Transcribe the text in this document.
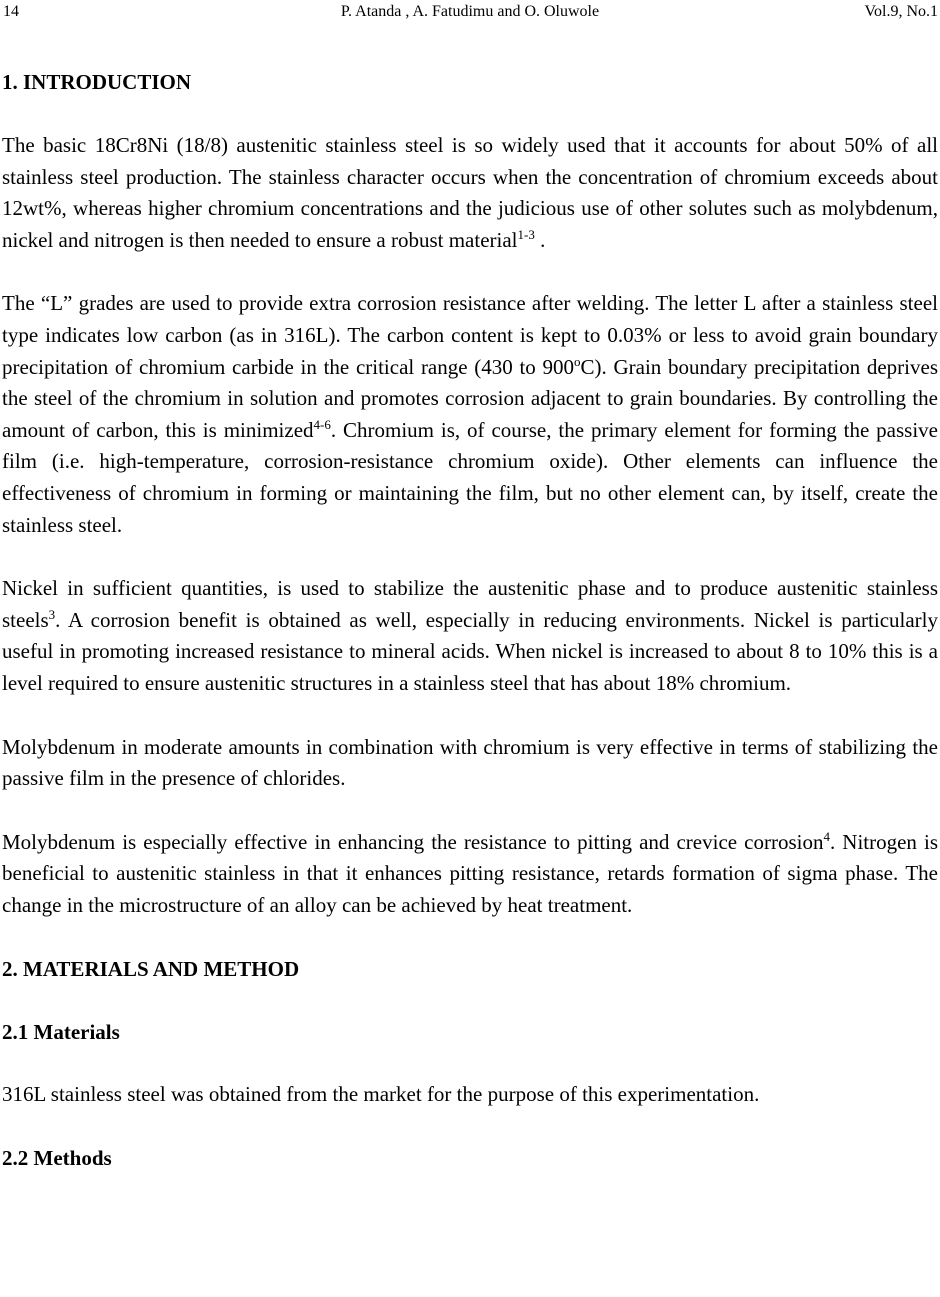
P. Atanda , A. Fatudimu and O. Oluwole
14	Vol.9, No.1
1. INTRODUCTION

The basic 18Cr8Ni (18/8) austenitic stainless steel is so widely used that it accounts for about 50% of all stainless steel production. The stainless character occurs when the concentration of chromium exceeds about 12wt%, whereas higher chromium concentrations and the judicious use of other solutes such as molybdenum, nickel and nitrogen is then needed to ensure a robust material$^{1-3}$ .

The “L” grades are used to provide extra corrosion resistance after welding. The letter L after a stainless steel type indicates low carbon (as in 316L). The carbon content is kept to 0.03% or less to avoid grain boundary precipitation of chromium carbide in the critical range (430 to 900$^o$C). Grain boundary precipitation deprives the steel of the chromium in solution and promotes corrosion adjacent to grain boundaries. By controlling the amount of carbon, this is minimized$^{4-6}$. Chromium is, of course, the primary element for forming the passive film (i.e. high-temperature, corrosion-resistance chromium oxide). Other elements can influence the effectiveness of chromium in forming or maintaining the film, but no other element can, by itself, create the stainless steel.

Nickel in sufficient quantities, is used to stabilize the austenitic phase and to produce austenitic stainless steels$^3$. A corrosion benefit is obtained as well, especially in reducing environments. Nickel is particularly useful in promoting increased resistance to mineral acids. When nickel is increased to about 8 to 10% this is a level required to ensure austenitic structures in a stainless steel that has about 18% chromium.

Molybdenum in moderate amounts in combination with chromium is very effective in terms of stabilizing the passive film in the presence of chlorides.

Molybdenum is especially effective in enhancing the resistance to pitting and crevice corrosion$^4$. Nitrogen is beneficial to austenitic stainless in that it enhances pitting resistance, retards formation of sigma phase. The change in the microstructure of an alloy can be achieved by heat treatment.

2. MATERIALS AND METHOD
2.1 Materials

316L stainless steel was obtained from the market for the purpose of this experimentation.

2.2 Methods
